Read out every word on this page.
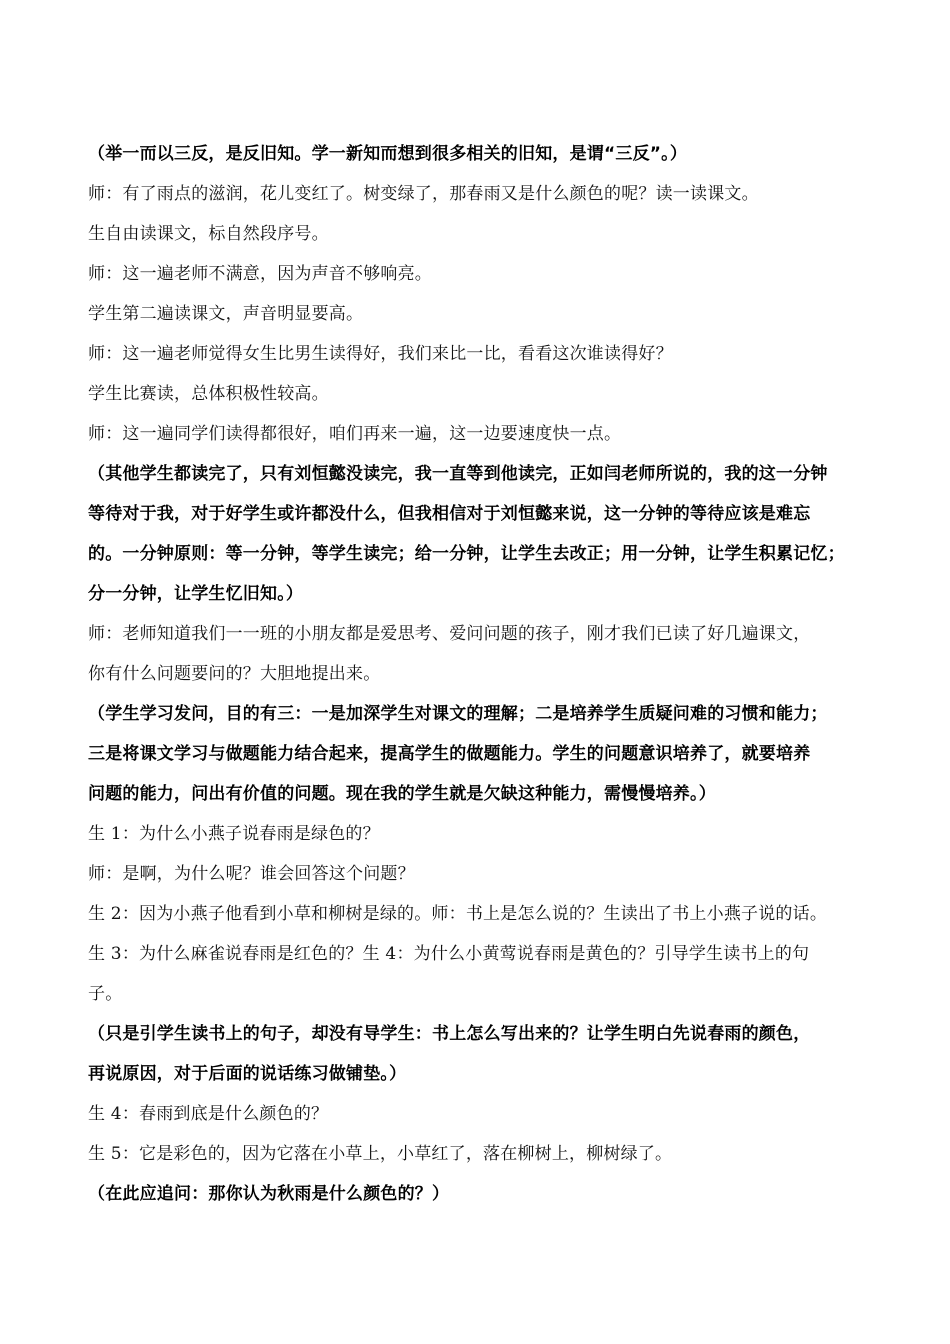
（举一而以三反，是反旧知。学一新知而想到很多相关的旧知，是谓“三反”。）
师：有了雨点的滋润，花儿变红了。树变绿了，那春雨又是什么颜色的呢？读一读课文。
生自由读课文，标自然段序号。
师：这一遍老师不满意，因为声音不够响亮。
学生第二遍读课文，声音明显要高。
师：这一遍老师觉得女生比男生读得好，我们来比一比，看看这次谁读得好？
学生比赛读，总体积极性较高。
师：这一遍同学们读得都很好，咱们再来一遍，这一边要速度快一点。
（其他学生都读完了，只有刘恒懿没读完，我一直等到他读完，正如闫老师所说的，我的这一分钟
等待对于我，对于好学生或许都没什么，但我相信对于刘恒懿来说，这一分钟的等待应该是难忘
的。一分钟原则：等一分钟，等学生读完；给一分钟，让学生去改正；用一分钟，让学生积累记忆；
分一分钟，让学生忆旧知。）
师：老师知道我们一一班的小朋友都是爱思考、爱问问题的孩子，刚才我们已读了好几遍课文，
你有什么问题要问的？大胆地提出来。
（学生学习发问，目的有三：一是加深学生对课文的理解；二是培养学生质疑问难的习惯和能力；
三是将课文学习与做题能力结合起来，提高学生的做题能力。学生的问题意识培养了，就要培养
问题的能力，问出有价值的问题。现在我的学生就是欠缺这种能力，需慢慢培养。）
生 1：为什么小燕子说春雨是绿色的？
师：是啊，为什么呢？谁会回答这个问题？
生 2：因为小燕子他看到小草和柳树是绿的。师：书上是怎么说的？生读出了书上小燕子说的话。
生 3：为什么麻雀说春雨是红色的？生 4：为什么小黄莺说春雨是黄色的？引导学生读书上的句
子。
（只是引学生读书上的句子，却没有导学生：书上怎么写出来的？让学生明白先说春雨的颜色，
再说原因，对于后面的说话练习做铺垫。）
生 4：春雨到底是什么颜色的？
生 5：它是彩色的，因为它落在小草上，小草红了，落在柳树上，柳树绿了。
（在此应追问：那你认为秋雨是什么颜色的？）
